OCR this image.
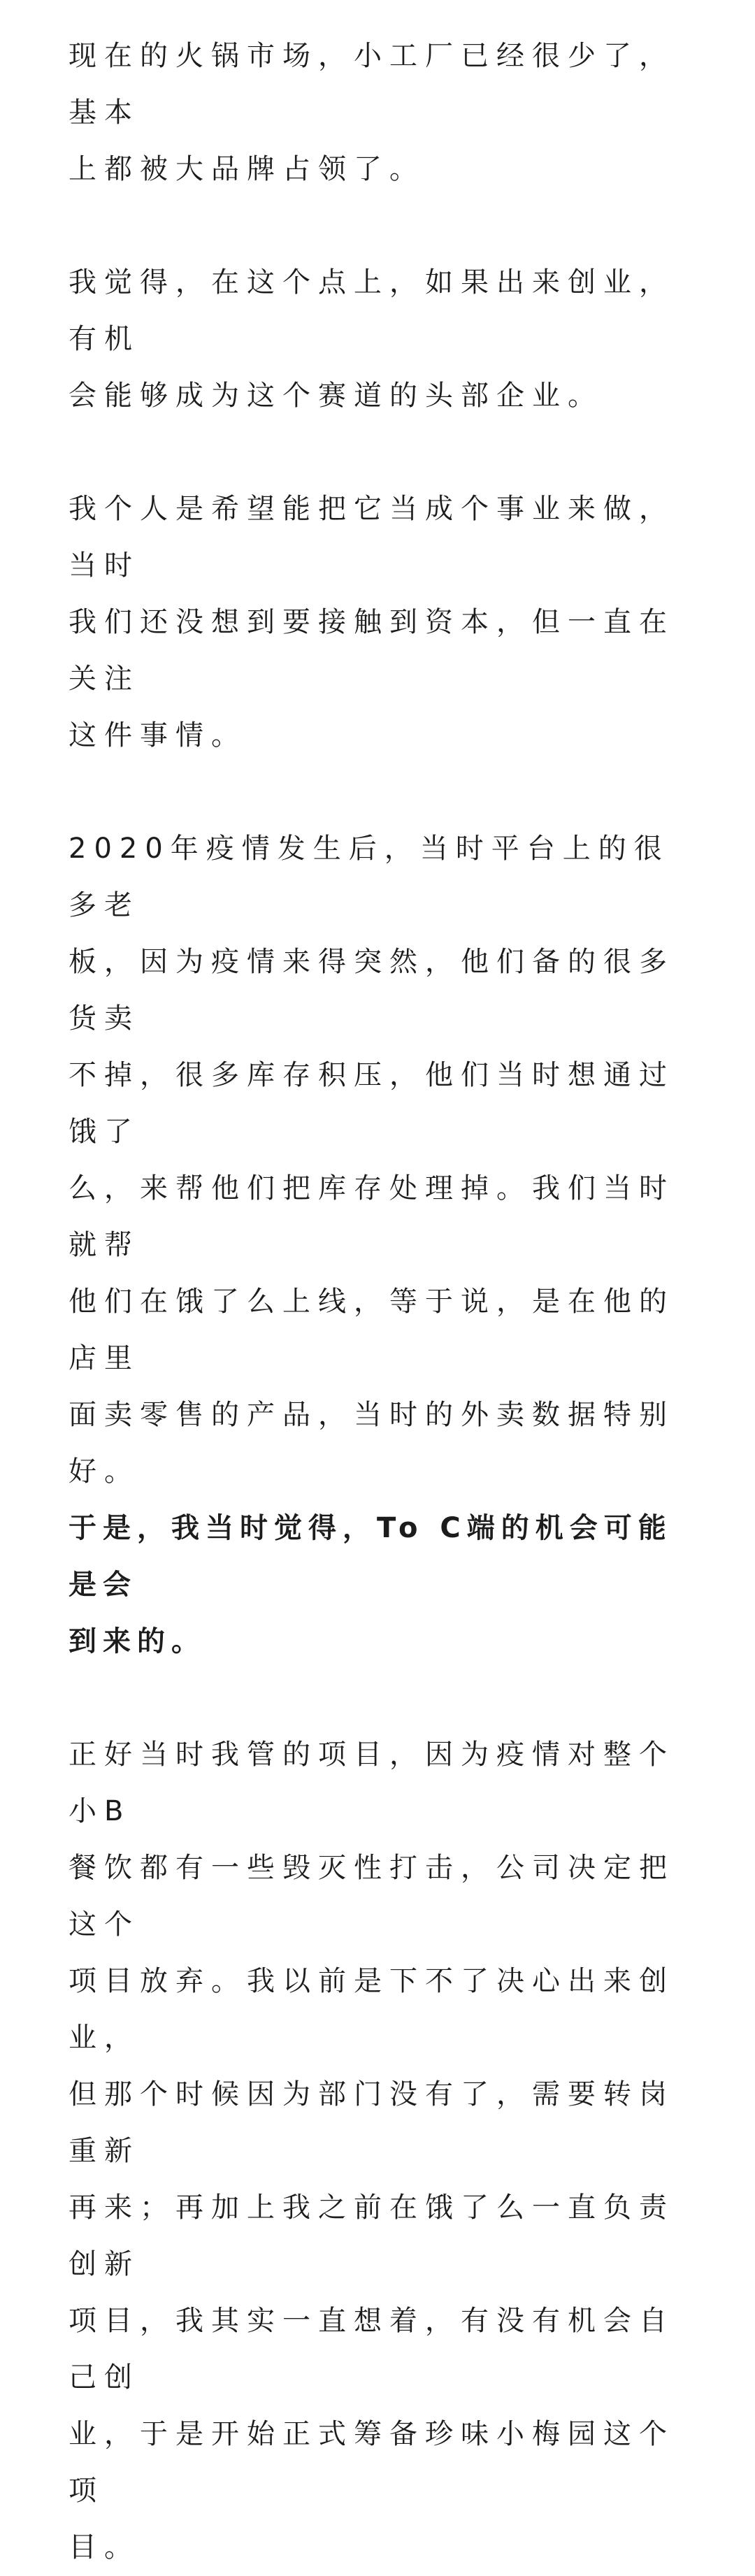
现在的火锅市场，小工厂已经很少了，基本
上都被大品牌占领了。

我觉得，在这个点上，如果出来创业，有机
会能够成为这个赛道的头部企业。

我个人是希望能把它当成个事业来做，当时
我们还没想到要接触到资本，但一直在关注
这件事情。

2020年疫情发生后，当时平台上的很多老
板，因为疫情来得突然，他们备的很多货卖
不掉，很多库存积压，他们当时想通过饿了
么，来帮他们把库存处理掉。我们当时就帮
他们在饿了么上线，等于说，是在他的店里
面卖零售的产品，当时的外卖数据特别好。

于是，我当时觉得，To C端的机会可能是会
到来的。

正好当时我管的项目，因为疫情对整个小B
餐饮都有一些毁灭性打击，公司决定把这个
项目放弃。我以前是下不了决心出来创业，
但那个时候因为部门没有了，需要转岗重新
再来；再加上我之前在饿了么一直负责创新
项目，我其实一直想着，有没有机会自己创
业，于是开始正式筹备珍味小梅园这个项
目。
